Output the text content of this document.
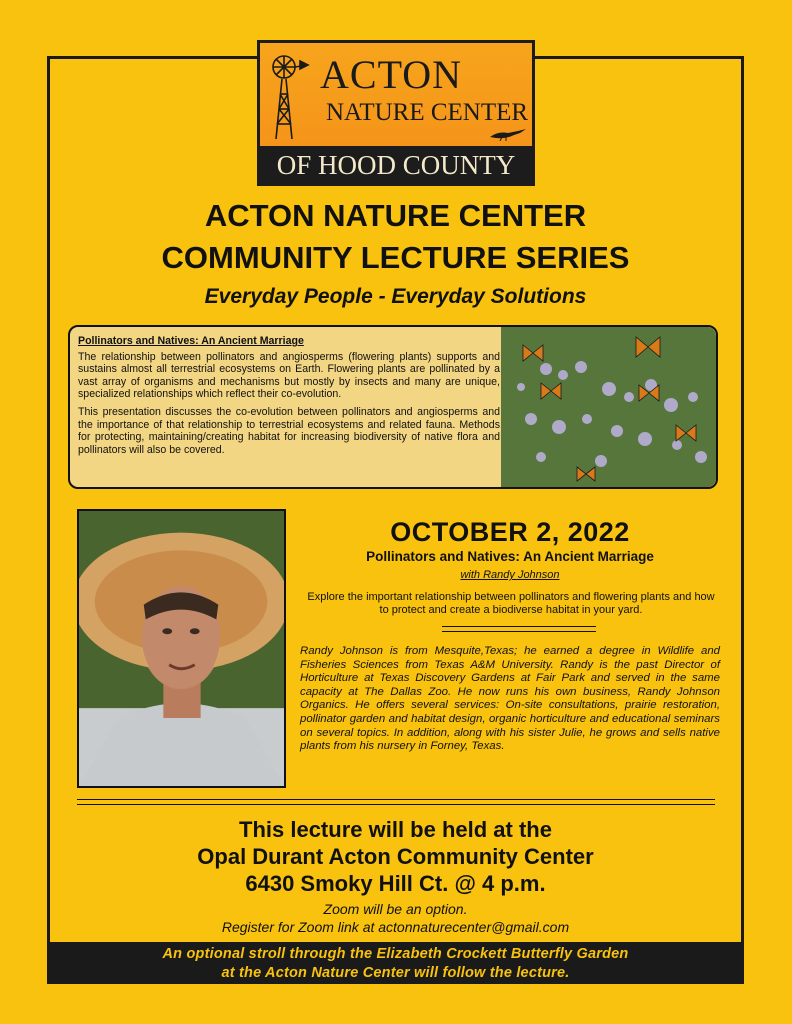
ACTON
NATURE CENTER
OF HOOD COUNTY
ACTON NATURE CENTER
COMMUNITY LECTURE SERIES
Everyday People - Everyday Solutions
Pollinators and Natives: An Ancient Marriage

The relationship between pollinators and angiosperms (flowering plants) supports and sustains almost all terrestrial ecosystems on Earth. Flowering plants are pollinated by a vast array of organisms and mechanisms but mostly by insects and many are unique, specialized relationships which reflect their co-evolution.

This presentation discusses the co-evolution between pollinators and angiosperms and the importance of that relationship to terrestrial ecosystems and related fauna. Methods for protecting, maintaining/creating habitat for increasing biodiversity of native flora and pollinators will also be covered.

OCTOBER 2, 2022
Pollinators and Natives: An Ancient Marriage
with Randy Johnson
Explore the important relationship between pollinators and flowering plants and how to protect and create a biodiverse habitat in your yard.
Randy Johnson is from Mesquite,Texas; he earned a degree in Wildlife and Fisheries Sciences from Texas A&M University. Randy is the past Director of Horticulture at Texas Discovery Gardens at Fair Park and served in the same capacity at The Dallas Zoo. He now runs his own business, Randy Johnson Organics. He offers several services: On-site consultations, prairie restoration, pollinator garden and habitat design, organic horticulture and educational seminars on several topics. In addition, along with his sister Julie, he grows and sells native plants from his nursery in Forney, Texas.
This lecture will be held at the
Opal Durant Acton Community Center
6430 Smoky Hill Ct. @ 4 p.m.
Zoom will be an option.
Register for Zoom link at actonnaturecenter@gmail.com
An optional stroll through the Elizabeth Crockett Butterfly Garden
at the Acton Nature Center will follow the lecture.
